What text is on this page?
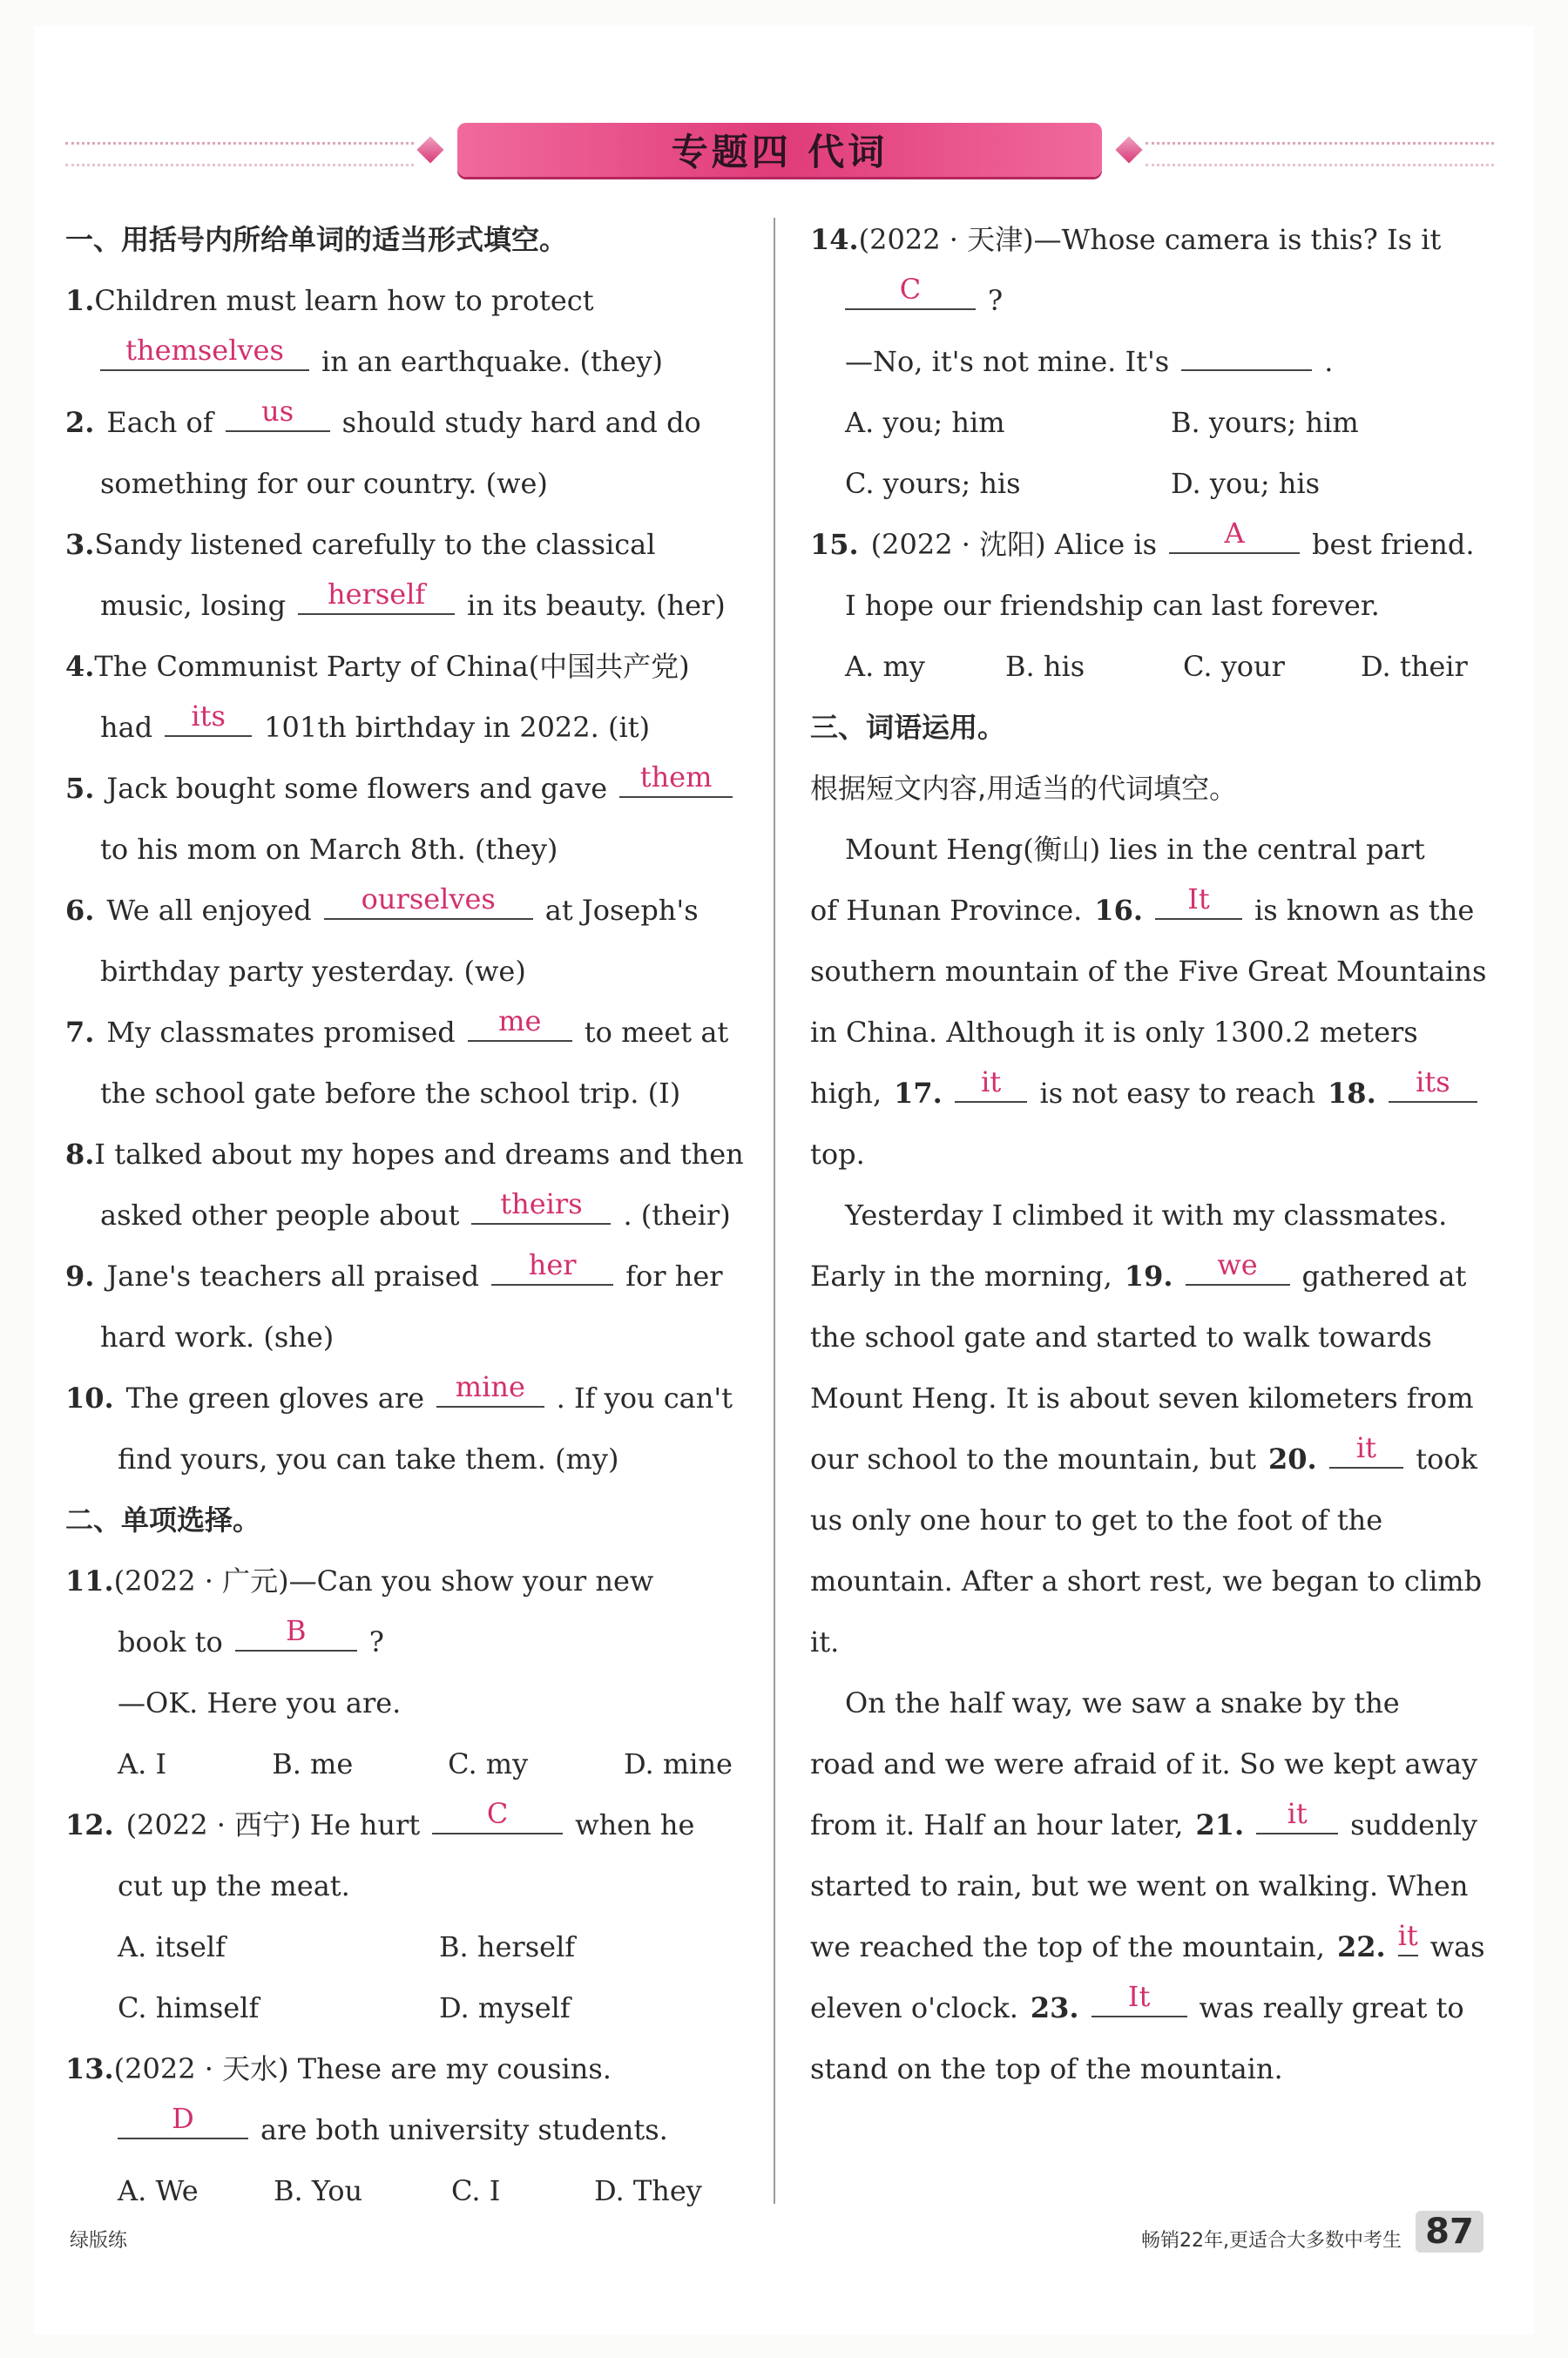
专题四 代词
一、用括号内所给单词的适当形式填空。
1.Children must learn how to protect
themselves	in an earthquake. (they)
2. Each of	us	should study hard and do
something for our country. (we)
3.Sandy listened carefully to the classical
music, losing	herself	in its beauty. (her)
4.The Communist Party of China(中国共产党)
had	its	101th birthday in 2022. (it)
5. Jack bought some flowers and gave	them
to his mom on March 8th. (they)
6. We all enjoyed	ourselves	at Joseph's
birthday party yesterday. (we)
7. My classmates promised	me	to meet at
the school gate before the school trip. (I)
8.I talked about my hopes and dreams and then
asked other people about	theirs	. (their)
9. Jane's teachers all praised	her	for her
hard work. (she)
10. The green gloves are	mine	. If you can't
find yours, you can take them. (my)
二、单项选择。
11.(2022 · 广元)—Can you show your new
book to	B	?
—OK. Here you are.
A. I	B. me	C. my	D. mine
12. (2022 · 西宁) He hurt	C	when he
cut up the meat.
A. itself	B. herself
C. himself	D. myself
13.(2022 · 天水) These are my cousins.
D	are both university students.
A. We	B. You	C. I	D. They
14.(2022 · 天津)—Whose camera is this? Is it
C	?
—No, it's not mine. It's	.
A. you; him	B. yours; him
C. yours; his	D. you; his
15. (2022 · 沈阳) Alice is	A	best friend.
I hope our friendship can last forever.
A. my	B. his	C. your	D. their
三、词语运用。
根据短文内容,用适当的代词填空。
Mount Heng(衡山) lies in the central part
of Hunan Province. 16.	It	is known as the
southern mountain of the Five Great Mountains
in China. Although it is only 1300.2 meters
high, 17.	it	is not easy to reach 18.	its
top.
Yesterday I climbed it with my classmates.
Early in the morning, 19.	we	gathered at
the school gate and started to walk towards
Mount Heng. It is about seven kilometers from
our school to the mountain, but 20.	it	took
us only one hour to get to the foot of the
mountain. After a short rest, we began to climb
it.
On the half way, we saw a snake by the
road and we were afraid of it. So we kept away
from it. Half an hour later, 21.	it	suddenly
started to rain, but we went on walking. When
we reached the top of the mountain, 22. it was
eleven o'clock. 23.	It	was really great to
stand on the top of the mountain.
绿版练	畅销22年,更适合大多数中考生 87
